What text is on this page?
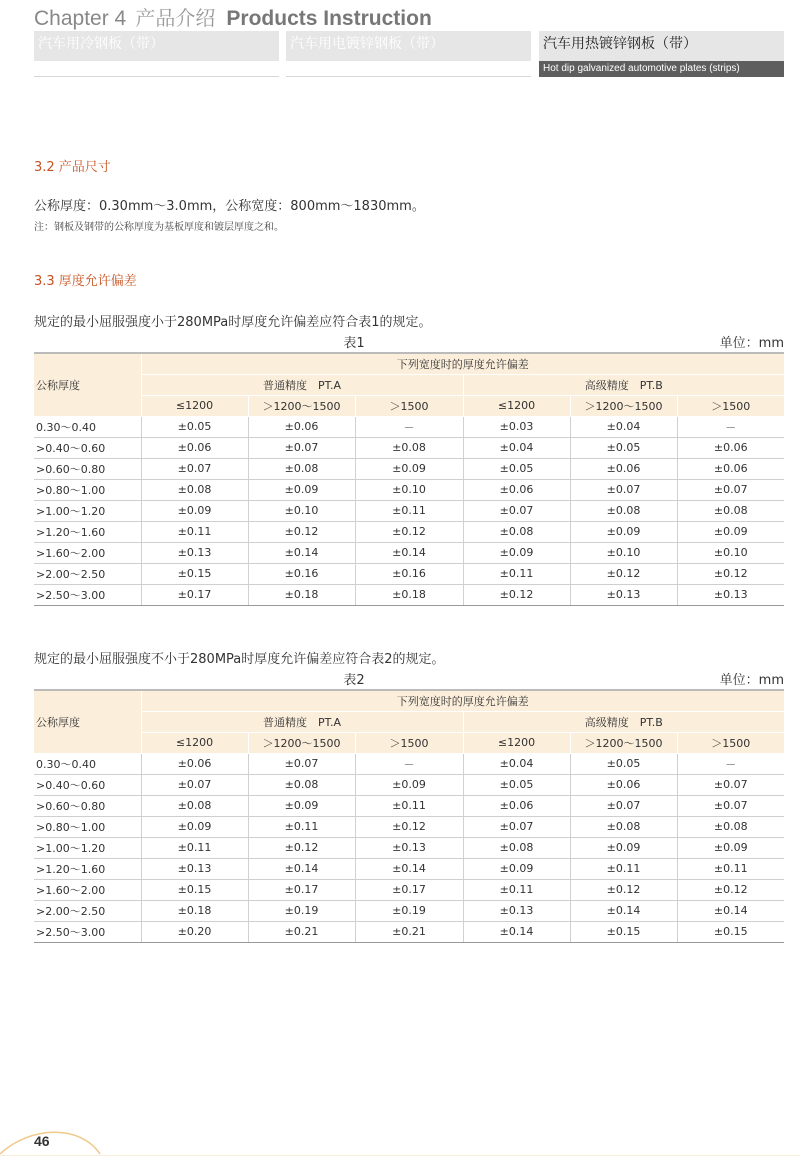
Chapter 4 产品介绍 Products Instruction
汽车用冷钢板（带）	汽车用电镀锌钢板（带）	汽车用热镀锌钢板（带）
Hot dip galvanized automotive plates (strips)
3.2 产品尺寸
公称厚度：0.30mm～3.0mm，公称宽度：800mm～1830mm。
注：钢板及钢带的公称厚度为基板厚度和镀层厚度之和。
3.3 厚度允许偏差
规定的最小屈服强度小于280MPa时厚度允许偏差应符合表1的规定。
表1	单位：mm
公称厚度	下列宽度时的厚度允许偏差					
	普通精度　PT.A			高级精度　PT.B		
	≤1200	＞1200～1500	＞1500	≤1200	＞1200～1500	＞1500
0.30～0.40	±0.05	±0.06	－	±0.03	±0.04	－
>0.40～0.60	±0.06	±0.07	±0.08	±0.04	±0.05	±0.06
>0.60～0.80	±0.07	±0.08	±0.09	±0.05	±0.06	±0.06
>0.80～1.00	±0.08	±0.09	±0.10	±0.06	±0.07	±0.07
>1.00～1.20	±0.09	±0.10	±0.11	±0.07	±0.08	±0.08
>1.20～1.60	±0.11	±0.12	±0.12	±0.08	±0.09	±0.09
>1.60～2.00	±0.13	±0.14	±0.14	±0.09	±0.10	±0.10
>2.00～2.50	±0.15	±0.16	±0.16	±0.11	±0.12	±0.12
>2.50～3.00	±0.17	±0.18	±0.18	±0.12	±0.13	±0.13
规定的最小屈服强度不小于280MPa时厚度允许偏差应符合表2的规定。
表2	单位：mm
公称厚度	下列宽度时的厚度允许偏差					
	普通精度　PT.A			高级精度　PT.B		
	≤1200	＞1200～1500	＞1500	≤1200	＞1200～1500	＞1500
0.30～0.40	±0.06	±0.07	－	±0.04	±0.05	－
>0.40～0.60	±0.07	±0.08	±0.09	±0.05	±0.06	±0.07
>0.60～0.80	±0.08	±0.09	±0.11	±0.06	±0.07	±0.07
>0.80～1.00	±0.09	±0.11	±0.12	±0.07	±0.08	±0.08
>1.00～1.20	±0.11	±0.12	±0.13	±0.08	±0.09	±0.09
>1.20～1.60	±0.13	±0.14	±0.14	±0.09	±0.11	±0.11
>1.60～2.00	±0.15	±0.17	±0.17	±0.11	±0.12	±0.12
>2.00～2.50	±0.18	±0.19	±0.19	±0.13	±0.14	±0.14
>2.50～3.00	±0.20	±0.21	±0.21	±0.14	±0.15	±0.15
46
